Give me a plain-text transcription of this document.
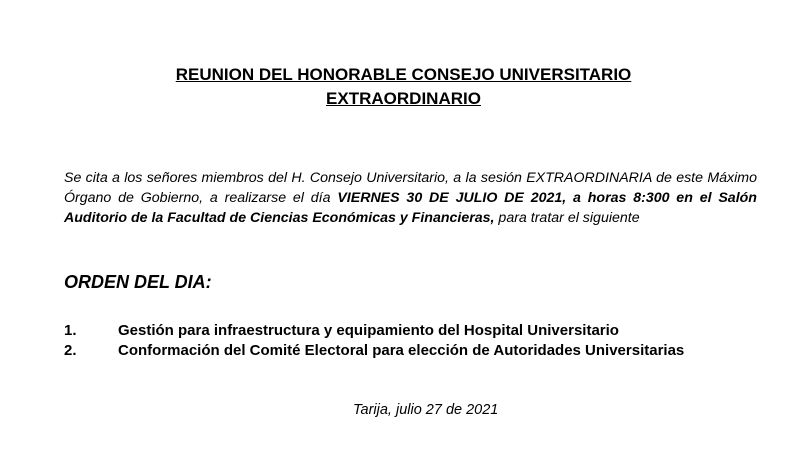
REUNION DEL HONORABLE CONSEJO UNIVERSITARIO
EXTRAORDINARIO

Se cita a los señores miembros del H. Consejo Universitario, a la sesión EXTRAORDINARIA de este Máximo Órgano de Gobierno, a realizarse el día VIERNES 30 DE JULIO DE 2021, a horas 8:300 en el Salón Auditorio de la Facultad de Ciencias Económicas y Financieras, para tratar el siguiente

ORDEN DEL DIA:
1.	Gestión para infraestructura y equipamiento del Hospital Universitario
2.	Conformación del Comité Electoral para elección de Autoridades Universitarias
Tarija, julio 27 de 2021
